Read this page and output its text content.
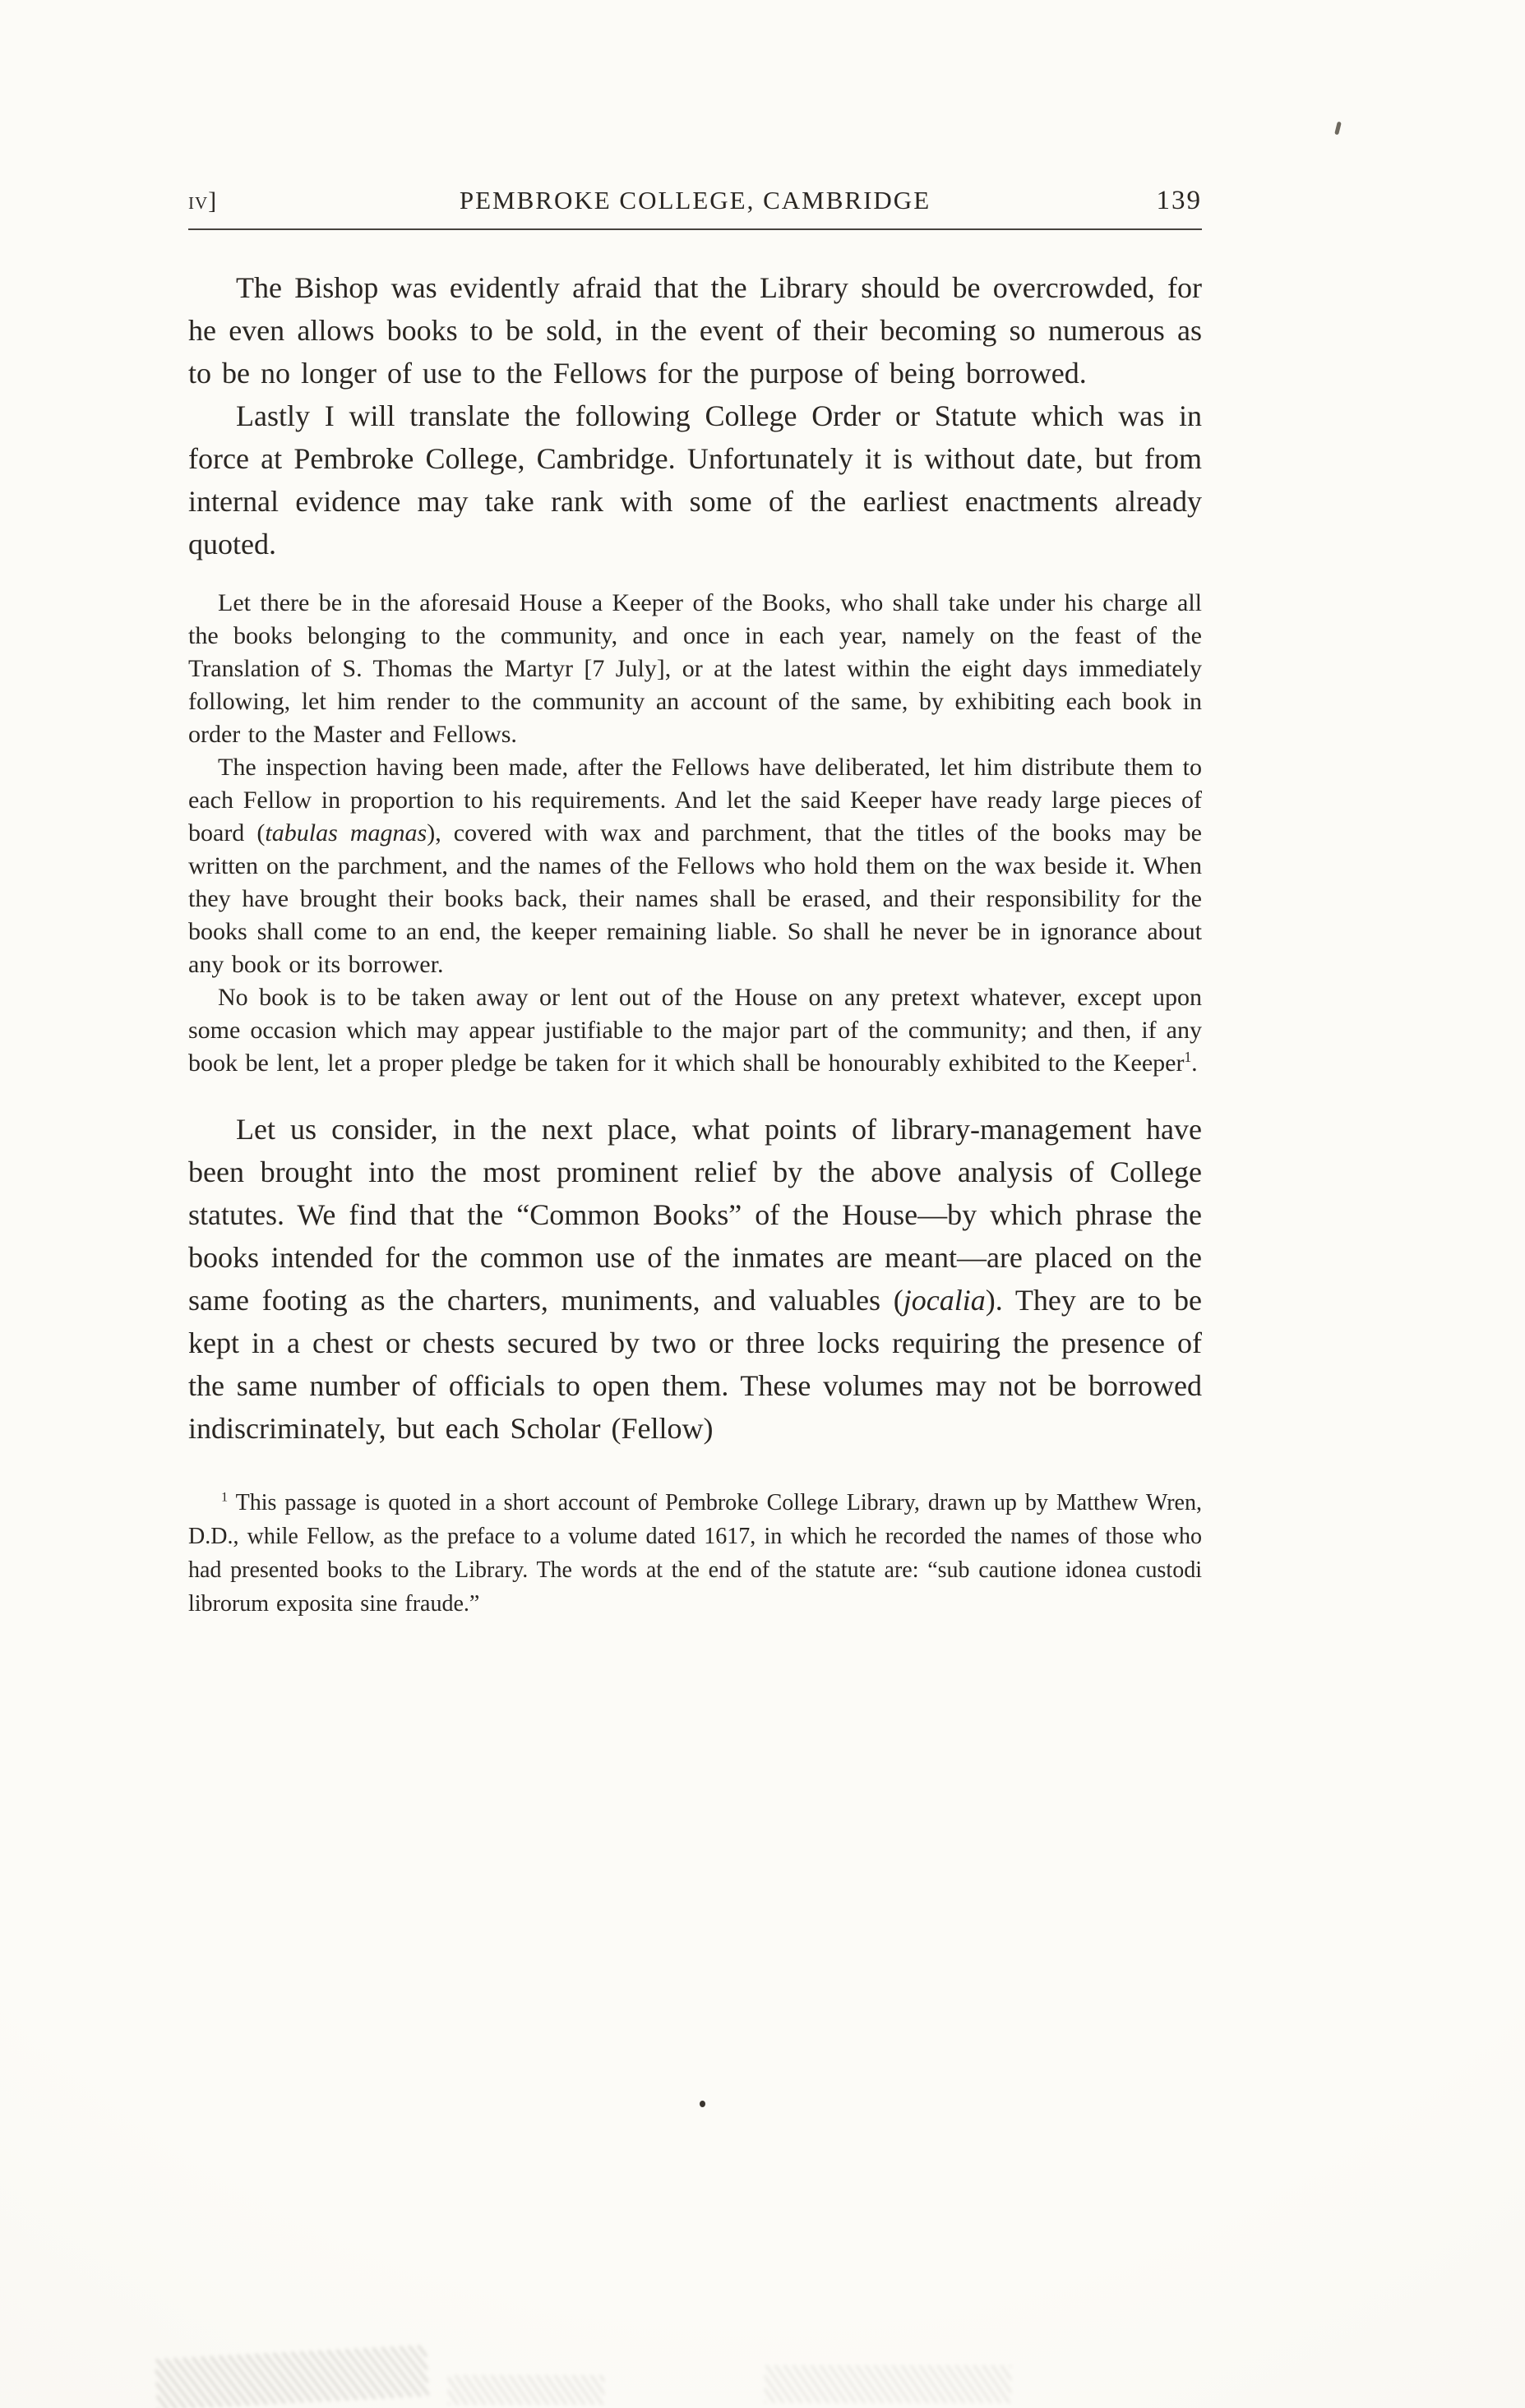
iv]	PEMBROKE COLLEGE, CAMBRIDGE	139

The Bishop was evidently afraid that the Library should be overcrowded, for he even allows books to be sold, in the event of their becoming so numerous as to be no longer of use to the Fellows for the purpose of being borrowed.

Lastly I will translate the following College Order or Statute which was in force at Pembroke College, Cambridge. Unfortunately it is without date, but from internal evidence may take rank with some of the earliest enactments already quoted.

Let there be in the aforesaid House a Keeper of the Books, who shall take under his charge all the books belonging to the community, and once in each year, namely on the feast of the Translation of S. Thomas the Martyr [7 July], or at the latest within the eight days immediately following, let him render to the community an account of the same, by exhibiting each book in order to the Master and Fellows.

The inspection having been made, after the Fellows have deliberated, let him distribute them to each Fellow in proportion to his requirements. And let the said Keeper have ready large pieces of board (tabulas magnas), covered with wax and parchment, that the titles of the books may be written on the parchment, and the names of the Fellows who hold them on the wax beside it. When they have brought their books back, their names shall be erased, and their responsibility for the books shall come to an end, the keeper remaining liable. So shall he never be in ignorance about any book or its borrower.

No book is to be taken away or lent out of the House on any pretext whatever, except upon some occasion which may appear justifiable to the major part of the community; and then, if any book be lent, let a proper pledge be taken for it which shall be honourably exhibited to the Keeper$^1$.

Let us consider, in the next place, what points of library-management have been brought into the most prominent relief by the above analysis of College statutes. We find that the “Common Books” of the House—by which phrase the books intended for the common use of the inmates are meant—are placed on the same footing as the charters, muniments, and valuables (jocalia). They are to be kept in a chest or chests secured by two or three locks requiring the presence of the same number of officials to open them. These volumes may not be borrowed indiscriminately, but each Scholar (Fellow)

$^1$ This passage is quoted in a short account of Pembroke College Library, drawn up by Matthew Wren, D.D., while Fellow, as the preface to a volume dated 1617, in which he recorded the names of those who had presented books to the Library. The words at the end of the statute are: “sub cautione idonea custodi librorum exposita sine fraude.”
